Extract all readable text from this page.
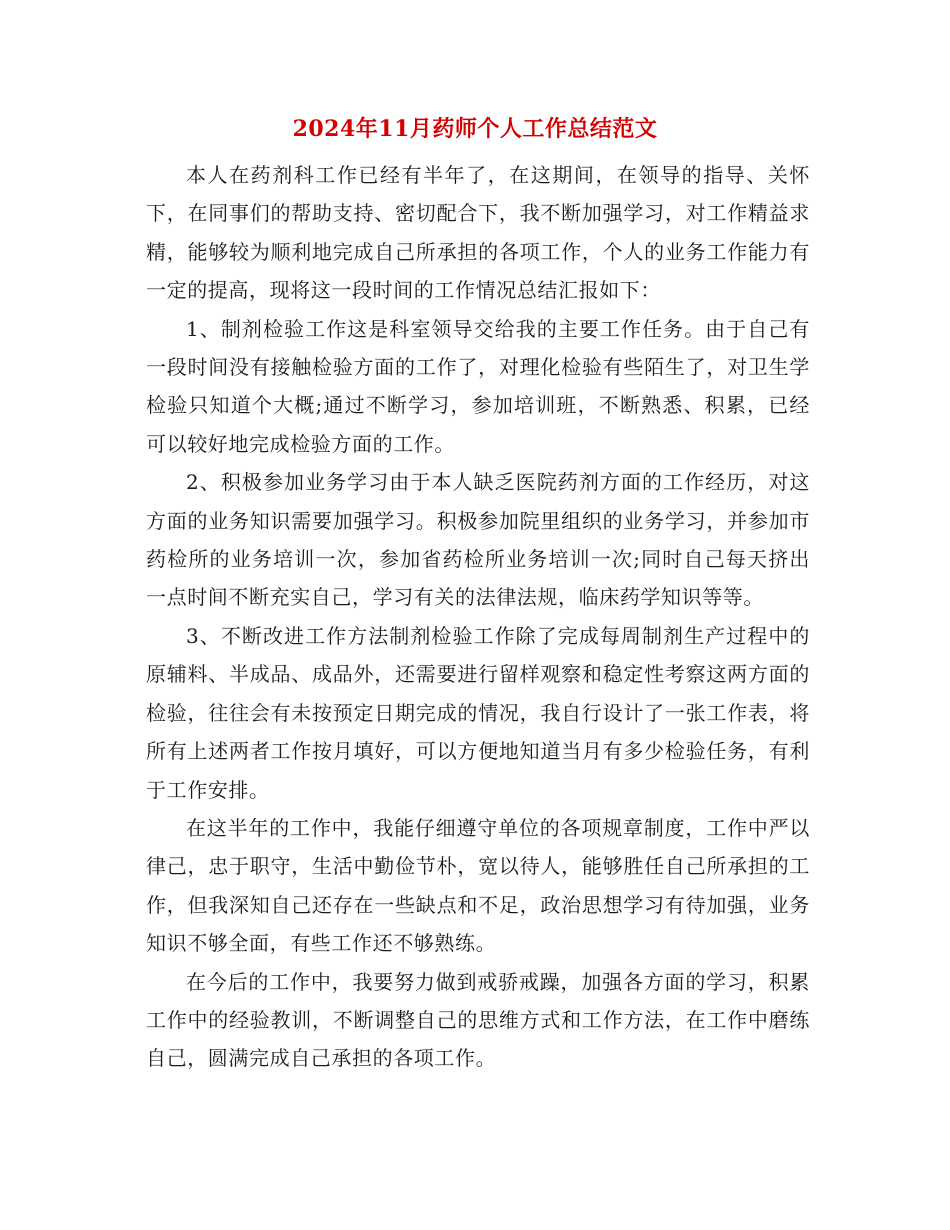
2024年11月药师个人工作总结范文

本人在药剂科工作已经有半年了，在这期间，在领导的指导、关怀下，在同事们的帮助支持、密切配合下，我不断加强学习，对工作精益求精，能够较为顺利地完成自己所承担的各项工作，个人的业务工作能力有一定的提高，现将这一段时间的工作情况总结汇报如下：

1、制剂检验工作这是科室领导交给我的主要工作任务。由于自己有一段时间没有接触检验方面的工作了，对理化检验有些陌生了，对卫生学检验只知道个大概;通过不断学习，参加培训班，不断熟悉、积累，已经可以较好地完成检验方面的工作。

2、积极参加业务学习由于本人缺乏医院药剂方面的工作经历，对这方面的业务知识需要加强学习。积极参加院里组织的业务学习，并参加市药检所的业务培训一次，参加省药检所业务培训一次;同时自己每天挤出一点时间不断充实自己，学习有关的法律法规，临床药学知识等等。

3、不断改进工作方法制剂检验工作除了完成每周制剂生产过程中的原辅料、半成品、成品外，还需要进行留样观察和稳定性考察这两方面的检验，往往会有未按预定日期完成的情况，我自行设计了一张工作表，将所有上述两者工作按月填好，可以方便地知道当月有多少检验任务，有利于工作安排。

在这半年的工作中，我能仔细遵守单位的各项规章制度，工作中严以律己，忠于职守，生活中勤俭节朴，宽以待人，能够胜任自己所承担的工作，但我深知自己还存在一些缺点和不足，政治思想学习有待加强，业务知识不够全面，有些工作还不够熟练。

在今后的工作中，我要努力做到戒骄戒躁，加强各方面的学习，积累工作中的经验教训，不断调整自己的思维方式和工作方法，在工作中磨练自己，圆满完成自己承担的各项工作。
